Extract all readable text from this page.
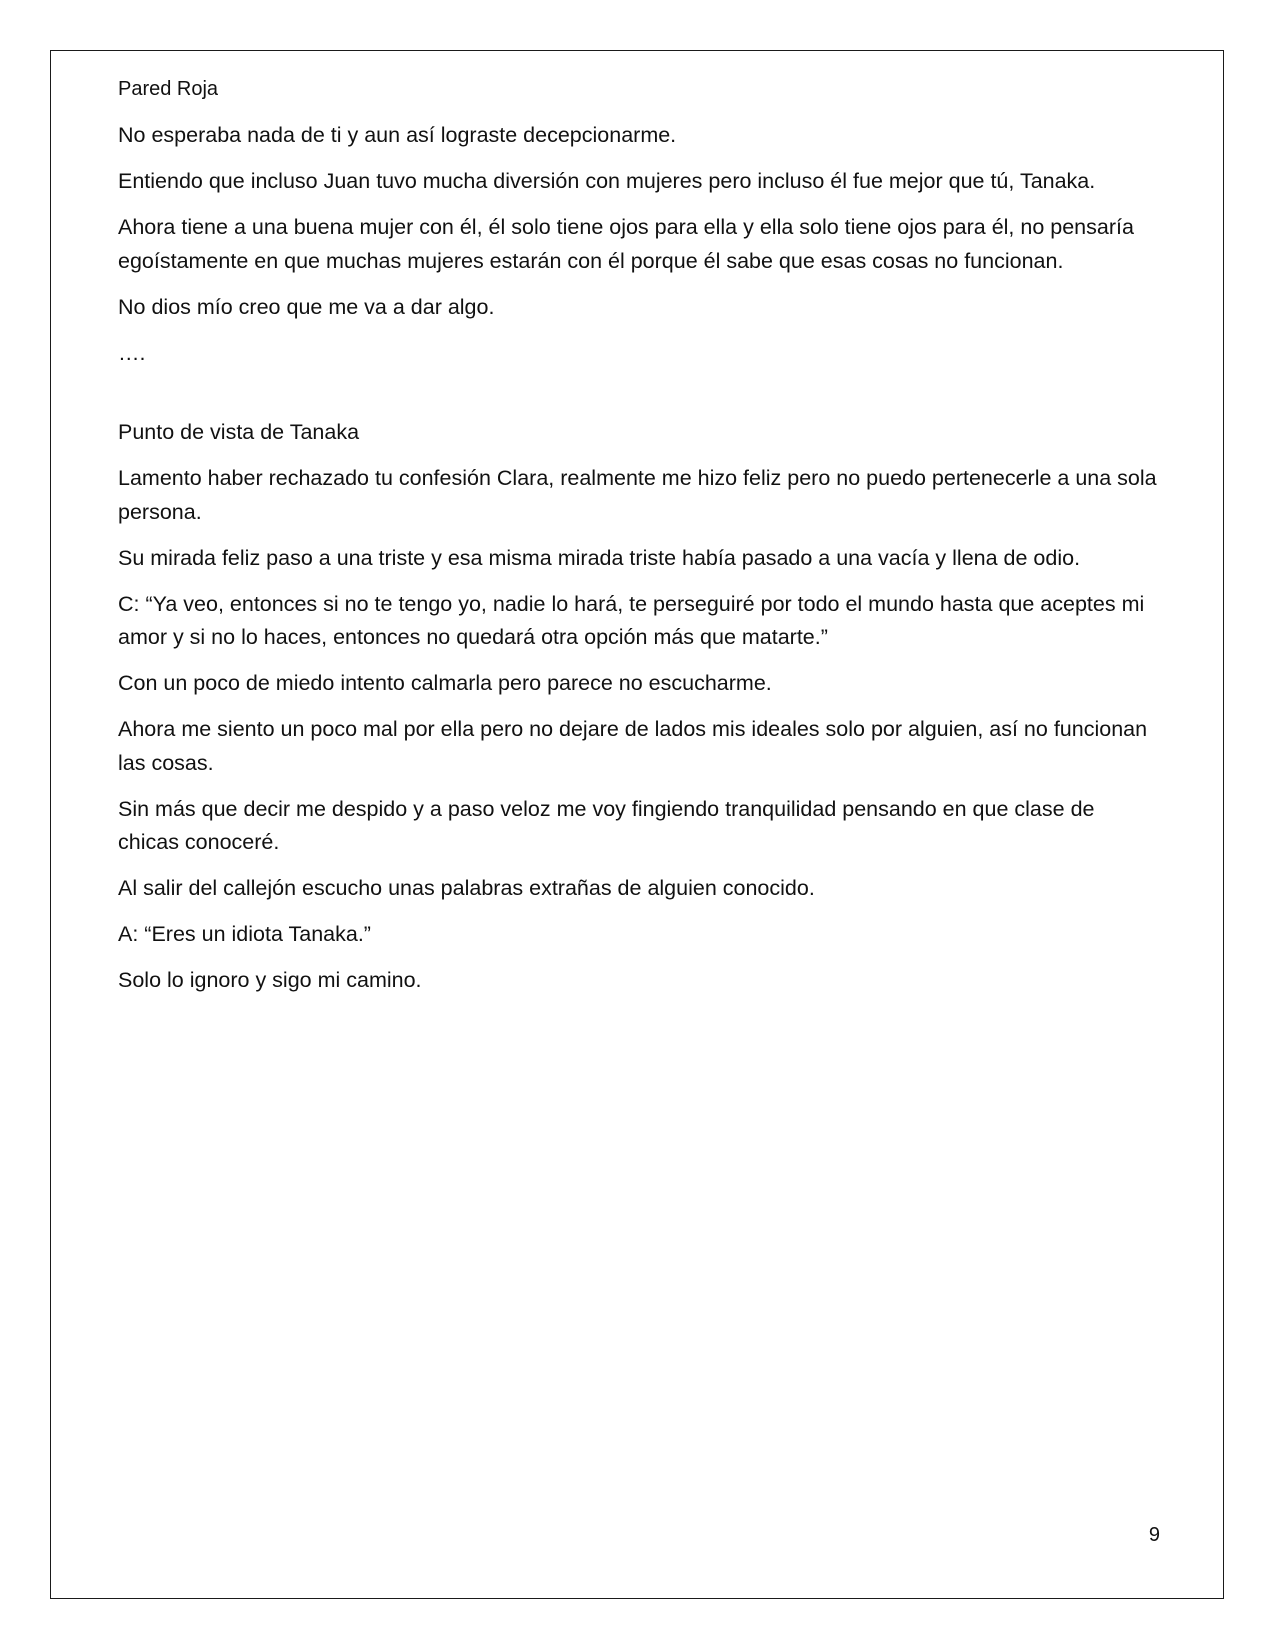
Pared Roja

No esperaba nada de ti y aun así lograste decepcionarme.

Entiendo que incluso Juan tuvo mucha diversión con mujeres pero incluso él fue mejor que tú, Tanaka.

Ahora tiene a una buena mujer con él, él solo tiene ojos para ella y ella solo tiene ojos para él, no pensaría egoístamente en que muchas mujeres estarán con él porque él sabe que esas cosas no funcionan.

No dios mío creo que me va a dar algo.

….

Punto de vista de Tanaka

Lamento haber rechazado tu confesión Clara, realmente me hizo feliz pero no puedo pertenecerle a una sola persona.

Su mirada feliz paso a una triste y esa misma mirada triste había pasado a una vacía y llena de odio.

C: “Ya veo, entonces si no te tengo yo, nadie lo hará, te perseguiré por todo el mundo hasta que aceptes mi amor y si no lo haces, entonces no quedará otra opción más que matarte.”

Con un poco de miedo intento calmarla pero parece no escucharme.

Ahora me siento un poco mal por ella pero no dejare de lados mis ideales solo por alguien, así no funcionan las cosas.

Sin más que decir me despido y a paso veloz me voy fingiendo tranquilidad pensando en que clase de chicas conoceré.

Al salir del callejón escucho unas palabras extrañas de alguien conocido.

A: “Eres un idiota Tanaka.”

Solo lo ignoro y sigo mi camino.

9
